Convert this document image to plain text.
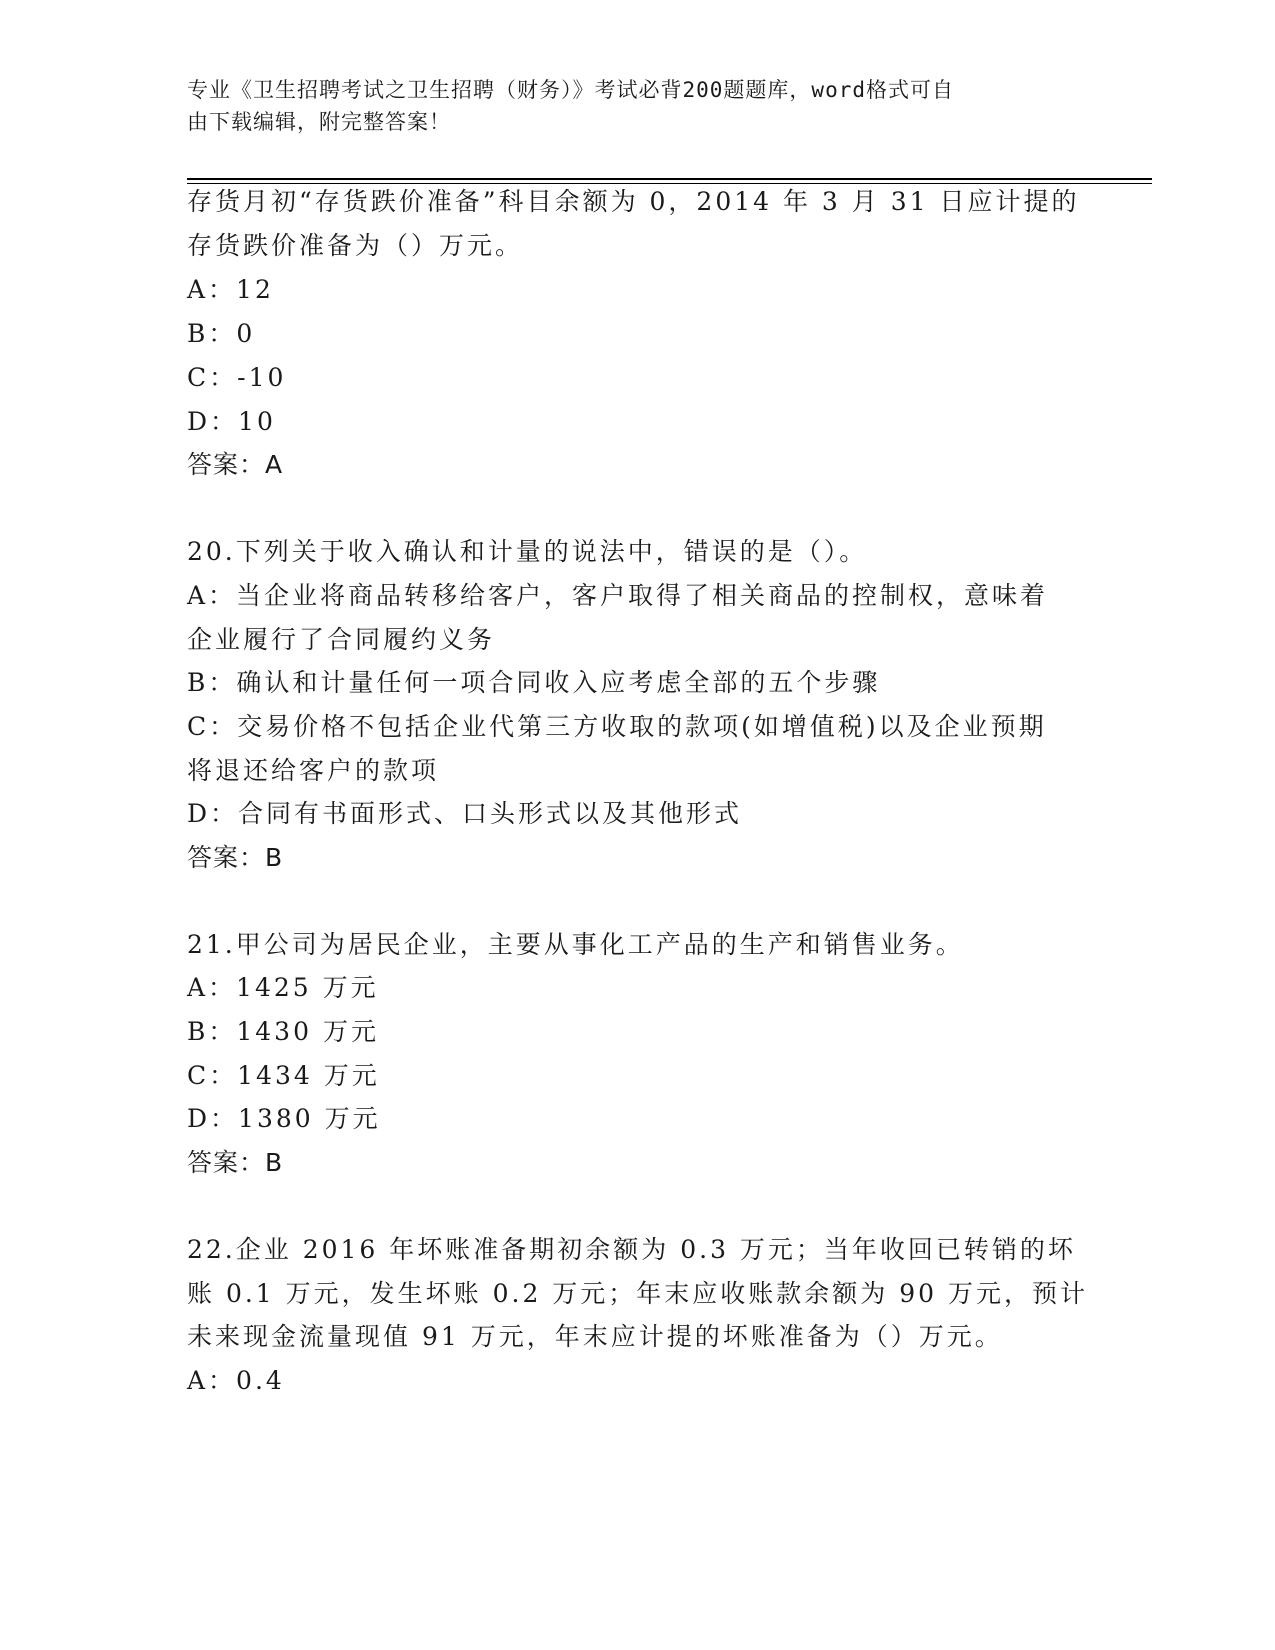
专业《卫生招聘考试之卫生招聘（财务）》考试必背200题题库，word格式可自
由下载编辑，附完整答案！
存货月初“存货跌价准备”科目余额为 0，2014 年 3 月 31 日应计提的
存货跌价准备为（）万元。
A：12
B：0
C：-10
D：10
答案：A
20.下列关于收入确认和计量的说法中，错误的是（）。
A：当企业将商品转移给客户，客户取得了相关商品的控制权，意味着
企业履行了合同履约义务
B：确认和计量任何一项合同收入应考虑全部的五个步骤
C：交易价格不包括企业代第三方收取的款项(如增值税)以及企业预期
将退还给客户的款项
D：合同有书面形式、口头形式以及其他形式
答案：B
21.甲公司为居民企业，主要从事化工产品的生产和销售业务。
A：1425 万元
B：1430 万元
C：1434 万元
D：1380 万元
答案：B
22.企业 2016 年坏账准备期初余额为 0.3 万元；当年收回已转销的坏
账 0.1 万元，发生坏账 0.2 万元；年末应收账款余额为 90 万元，预计
未来现金流量现值 91 万元，年末应计提的坏账准备为（）万元。
A：0.4
